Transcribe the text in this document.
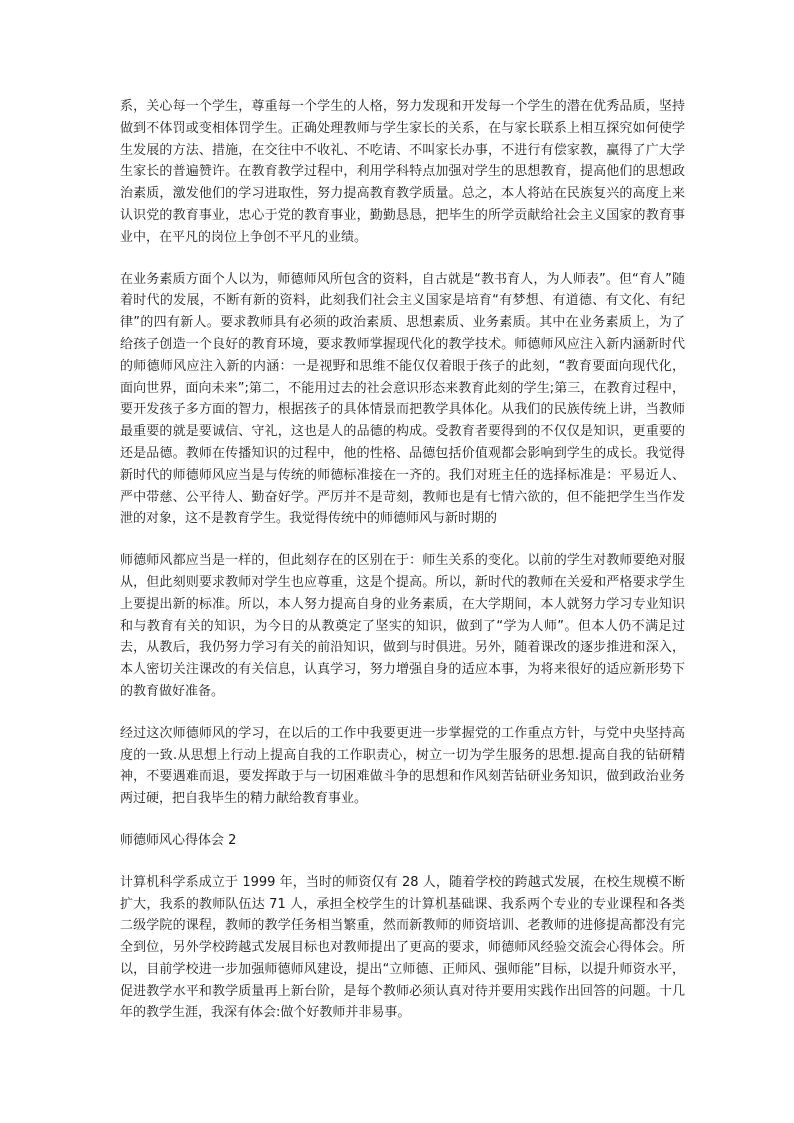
系，关心每一个学生，尊重每一个学生的人格，努力发现和开发每一个学生的潜在优秀品质，坚持做到不体罚或变相体罚学生。正确处理教师与学生家长的关系，在与家长联系上相互探究如何使学生发展的方法、措施，在交往中不收礼、不吃请、不叫家长办事，不进行有偿家教，赢得了广大学生家长的普遍赞许。在教育教学过程中，利用学科特点加强对学生的思想教育，提高他们的思想政治素质，激发他们的学习进取性，努力提高教育教学质量。总之，本人将站在民族复兴的高度上来认识党的教育事业，忠心于党的教育事业，勤勤恳恳，把毕生的所学贡献给社会主义国家的教育事业中，在平凡的岗位上争创不平凡的业绩。

在业务素质方面个人以为，师德师风所包含的资料，自古就是“教书育人，为人师表”。但“育人”随着时代的发展，不断有新的资料，此刻我们社会主义国家是培育“有梦想、有道德、有文化、有纪律”的四有新人。要求教师具有必须的政治素质、思想素质、业务素质。其中在业务素质上，为了给孩子创造一个良好的教育环境，要求教师掌握现代化的教学技术。师德师风应注入新内涵新时代的师德师风应注入新的内涵：一是视野和思维不能仅仅着眼于孩子的此刻，“教育要面向现代化，面向世界，面向未来”;第二，不能用过去的社会意识形态来教育此刻的学生;第三，在教育过程中，要开发孩子多方面的智力，根据孩子的具体情景而把教学具体化。从我们的民族传统上讲，当教师最重要的就是要诚信、守礼，这也是人的品德的构成。受教育者要得到的不仅仅是知识，更重要的还是品德。教师在传播知识的过程中，他的性格、品德包括价值观都会影响到学生的成长。我觉得新时代的师德师风应当是与传统的师德标准接在一齐的。我们对班主任的选择标准是：平易近人、严中带慈、公平待人、勤奋好学。严厉并不是苛刻，教师也是有七情六欲的，但不能把学生当作发泄的对象，这不是教育学生。我觉得传统中的师德师风与新时期的

师德师风都应当是一样的，但此刻存在的区别在于：师生关系的变化。以前的学生对教师要绝对服从，但此刻则要求教师对学生也应尊重，这是个提高。所以，新时代的教师在关爱和严格要求学生上要提出新的标准。所以，本人努力提高自身的业务素质，在大学期间，本人就努力学习专业知识和与教育有关的知识，为今日的从教奠定了坚实的知识，做到了“学为人师”。但本人仍不满足过去，从教后，我仍努力学习有关的前沿知识，做到与时俱进。另外，随着课改的逐步推进和深入，本人密切关注课改的有关信息，认真学习，努力增强自身的适应本事，为将来很好的适应新形势下的教育做好准备。

经过这次师德师风的学习，在以后的工作中我要更进一步掌握党的工作重点方针，与党中央坚持高度的一致.从思想上行动上提高自我的工作职责心，树立一切为学生服务的思想.提高自我的钻研精神，不要遇难而退，要发挥敢于与一切困难做斗争的思想和作风刻苦钻研业务知识，做到政治业务两过硬，把自我毕生的精力献给教育事业。

师德师风心得体会 2

计算机科学系成立于 1999 年，当时的师资仅有 28 人，随着学校的跨越式发展，在校生规模不断扩大，我系的教师队伍达 71 人，承担全校学生的计算机基础课、我系两个专业的专业课程和各类二级学院的课程，教师的教学任务相当繁重，然而新教师的师资培训、老教师的进修提高都没有完全到位，另外学校跨越式发展目标也对教师提出了更高的要求，师德师风经验交流会心得体会。所以，目前学校进一步加强师德师风建设，提出“立师德、正师风、强师能”目标，以提升师资水平，促进教学水平和教学质量再上新台阶，是每个教师必须认真对待并要用实践作出回答的问题。十几年的教学生涯，我深有体会:做个好教师并非易事。
